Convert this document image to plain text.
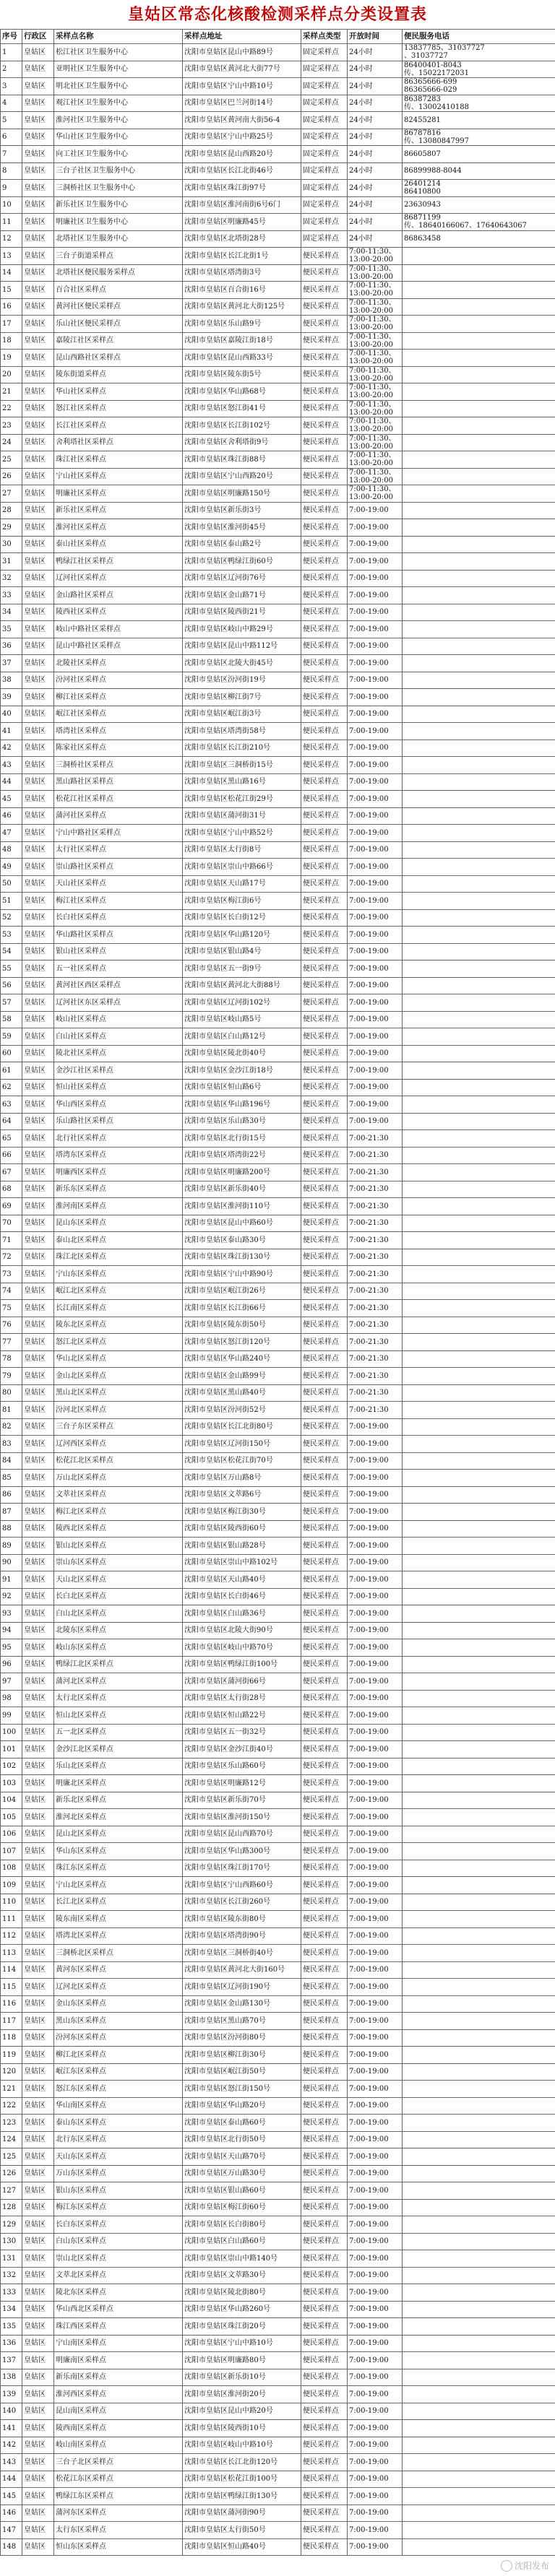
皇姑区常态化核酸检测采样点分类设置表
序号	行政区	采样点名称	采样点地址	采样点类型	开放时间	便民服务电话
1	皇姑区	松江社区卫生服务中心	沈阳市皇姑区昆山中路89号	固定采样点	24小时	13837785、31037727
、31037727
2	皇姑区	亚明社区卫生服务中心	沈阳市皇姑区黄河北大街77号	固定采样点	24小时	86400401-8043
传、15022172031
3	皇姑区	明北社区卫生服务中心	沈阳市皇姑区宁山中路10号	固定采样点	24小时	86365666-699
86365666-029
4	皇姑区	观江社区卫生服务中心	沈阳市皇姑区巴兰河街14号	固定采样点	24小时	86387283
传、13002410188
5	皇姑区	淮河社区卫生服务中心	沈阳市皇姑区黄河南大街56-4	固定采样点	24小时	82455281
6	皇姑区	华山社区卫生服务中心	沈阳市皇姑区宁山中路25号	固定采样点	24小时	86787816
传、13080847997
7	皇姑区	向工社区卫生服务中心	沈阳市皇姑区昆山西路20号	固定采样点	24小时	86605807
8	皇姑区	三台子社区卫生服务中心	沈阳市皇姑区长江北街46号	固定采样点	24小时	86899988-8044
9	皇姑区	三洞桥社区卫生服务中心	沈阳市皇姑区珠江街97号	固定采样点	24小时	26401214
86410800
10	皇姑区	新乐社区卫生服务中心	沈阳市皇姑区淮河南街6号6门	固定采样点	24小时	23630943
11	皇姑区	明廉社区卫生服务中心	沈阳市皇姑区明廉路45号	固定采样点	24小时	86871199
传、18640166067、17640643067
12	皇姑区	北塔社区卫生服务中心	沈阳市皇姑区北塔街28号	固定采样点	24小时	86863458
13	皇姑区	三台子街道采样点	沈阳市皇姑区长江北街1号	便民采样点	7:00-11:30、13:00-20:00	
14	皇姑区	北塔社区便民服务采样点	沈阳市皇姑区塔湾街3号	便民采样点	7:00-11:30、13:00-20:00	
15	皇姑区	百合社区采样点	沈阳市皇姑区百合街16号	便民采样点	7:00-11:30、13:00-20:00	
16	皇姑区	黄河社区便民采样点	沈阳市皇姑区黄河北大街125号	便民采样点	7:00-11:30、13:00-20:00	
17	皇姑区	乐山社区便民采样点	沈阳市皇姑区乐山路9号	便民采样点	7:00-11:30、13:00-20:00	
18	皇姑区	嘉陵江社区采样点	沈阳市皇姑区嘉陵江街18号	便民采样点	7:00-11:30、13:00-20:00	
19	皇姑区	昆山西路社区采样点	沈阳市皇姑区昆山西路33号	便民采样点	7:00-11:30、13:00-20:00	
20	皇姑区	陵东街道采样点	沈阳市皇姑区陵东街5号	便民采样点	7:00-11:30、13:00-20:00	
21	皇姑区	华山社区采样点	沈阳市皇姑区华山路68号	便民采样点	7:00-11:30、13:00-20:00	
22	皇姑区	怒江社区采样点	沈阳市皇姑区怒江街41号	便民采样点	7:00-11:30、13:00-20:00	
23	皇姑区	长江社区采样点	沈阳市皇姑区长江街102号	便民采样点	7:00-11:30、13:00-20:00	
24	皇姑区	舍利塔社区采样点	沈阳市皇姑区舍利塔街9号	便民采样点	7:00-11:30、13:00-20:00	
25	皇姑区	珠江社区采样点	沈阳市皇姑区珠江街88号	便民采样点	7:00-11:30、13:00-20:00	
26	皇姑区	宁山社区采样点	沈阳市皇姑区宁山西路20号	便民采样点	7:00-11:30、13:00-20:00	
27	皇姑区	明廉社区采样点	沈阳市皇姑区明廉路150号	便民采样点	7:00-11:30、13:00-20:00	
28	皇姑区	新乐社区采样点	沈阳市皇姑区新乐街3号	便民采样点	7:00-19:00	
29	皇姑区	淮河社区采样点	沈阳市皇姑区淮河街45号	便民采样点	7:00-19:00	
30	皇姑区	泰山社区采样点	沈阳市皇姑区泰山路2号	便民采样点	7:00-19:00	
31	皇姑区	鸭绿江社区采样点	沈阳市皇姑区鸭绿江街60号	便民采样点	7:00-19:00	
32	皇姑区	辽河社区采样点	沈阳市皇姑区辽河街76号	便民采样点	7:00-19:00	
33	皇姑区	金山路社区采样点	沈阳市皇姑区金山路71号	便民采样点	7:00-19:00	
34	皇姑区	陵西社区采样点	沈阳市皇姑区陵西街21号	便民采样点	7:00-19:00	
35	皇姑区	岐山中路社区采样点	沈阳市皇姑区岐山中路29号	便民采样点	7:00-19:00	
36	皇姑区	昆山中路社区采样点	沈阳市皇姑区昆山中路112号	便民采样点	7:00-19:00	
37	皇姑区	北陵社区采样点	沈阳市皇姑区北陵大街45号	便民采样点	7:00-19:00	
38	皇姑区	汾河社区采样点	沈阳市皇姑区汾河街19号	便民采样点	7:00-19:00	
39	皇姑区	柳江社区采样点	沈阳市皇姑区柳江街7号	便民采样点	7:00-19:00	
40	皇姑区	岷江社区采样点	沈阳市皇姑区岷江街3号	便民采样点	7:00-19:00	
41	皇姑区	塔湾社区采样点	沈阳市皇姑区塔湾街58号	便民采样点	7:00-19:00	
42	皇姑区	陈家社区采样点	沈阳市皇姑区长江街210号	便民采样点	7:00-19:00	
43	皇姑区	三洞桥社区采样点	沈阳市皇姑区三洞桥街15号	便民采样点	7:00-19:00	
44	皇姑区	黑山路社区采样点	沈阳市皇姑区黑山路16号	便民采样点	7:00-19:00	
45	皇姑区	松花江社区采样点	沈阳市皇姑区松花江街29号	便民采样点	7:00-19:00	
46	皇姑区	蒲河社区采样点	沈阳市皇姑区蒲河街31号	便民采样点	7:00-19:00	
47	皇姑区	宁山中路社区采样点	沈阳市皇姑区宁山中路52号	便民采样点	7:00-19:00	
48	皇姑区	太行社区采样点	沈阳市皇姑区太行街8号	便民采样点	7:00-19:00	
49	皇姑区	崇山路社区采样点	沈阳市皇姑区崇山中路66号	便民采样点	7:00-19:00	
50	皇姑区	天山社区采样点	沈阳市皇姑区天山路17号	便民采样点	7:00-19:00	
51	皇姑区	梅江社区采样点	沈阳市皇姑区梅江街6号	便民采样点	7:00-19:00	
52	皇姑区	长白社区采样点	沈阳市皇姑区长白街12号	便民采样点	7:00-19:00	
53	皇姑区	华山路社区采样点	沈阳市皇姑区华山路120号	便民采样点	7:00-19:00	
54	皇姑区	银山社区采样点	沈阳市皇姑区银山路4号	便民采样点	7:00-19:00	
55	皇姑区	五一社区采样点	沈阳市皇姑区五一街9号	便民采样点	7:00-19:00	
56	皇姑区	黄河社区西区采样点	沈阳市皇姑区黄河北大街88号	便民采样点	7:00-19:00	
57	皇姑区	辽河社区东区采样点	沈阳市皇姑区辽河街102号	便民采样点	7:00-19:00	
58	皇姑区	岐山社区采样点	沈阳市皇姑区岐山路5号	便民采样点	7:00-19:00	
59	皇姑区	白山社区采样点	沈阳市皇姑区白山路12号	便民采样点	7:00-19:00	
60	皇姑区	陵北社区采样点	沈阳市皇姑区陵北街40号	便民采样点	7:00-19:00	
61	皇姑区	金沙江社区采样点	沈阳市皇姑区金沙江街18号	便民采样点	7:00-19:00	
62	皇姑区	恒山社区采样点	沈阳市皇姑区恒山路6号	便民采样点	7:00-19:00	
63	皇姑区	华山西区采样点	沈阳市皇姑区华山路196号	便民采样点	7:00-19:00	
64	皇姑区	乐山路社区采样点	沈阳市皇姑区乐山路30号	便民采样点	7:00-19:00	
65	皇姑区	北行社区采样点	沈阳市皇姑区北行街15号	便民采样点	7:00-21:30	
66	皇姑区	塔湾东区采样点	沈阳市皇姑区塔湾街22号	便民采样点	7:00-21:30	
67	皇姑区	明廉西区采样点	沈阳市皇姑区明廉路200号	便民采样点	7:00-21:30	
68	皇姑区	新乐东区采样点	沈阳市皇姑区新乐街40号	便民采样点	7:00-21:30	
69	皇姑区	淮河南区采样点	沈阳市皇姑区淮河街110号	便民采样点	7:00-21:30	
70	皇姑区	昆山东区采样点	沈阳市皇姑区昆山中路60号	便民采样点	7:00-21:30	
71	皇姑区	泰山北区采样点	沈阳市皇姑区泰山路30号	便民采样点	7:00-21:30	
72	皇姑区	珠江北区采样点	沈阳市皇姑区珠江街130号	便民采样点	7:00-21:30	
73	皇姑区	宁山东区采样点	沈阳市皇姑区宁山中路90号	便民采样点	7:00-21:30	
74	皇姑区	岷江北区采样点	沈阳市皇姑区岷江街26号	便民采样点	7:00-21:30	
75	皇姑区	长江南区采样点	沈阳市皇姑区长江街66号	便民采样点	7:00-21:30	
76	皇姑区	陵东北区采样点	沈阳市皇姑区陵东街50号	便民采样点	7:00-21:30	
77	皇姑区	怒江北区采样点	沈阳市皇姑区怒江街120号	便民采样点	7:00-21:30	
78	皇姑区	华山北区采样点	沈阳市皇姑区华山路240号	便民采样点	7:00-21:30	
79	皇姑区	金山北区采样点	沈阳市皇姑区金山路99号	便民采样点	7:00-21:30	
80	皇姑区	黑山北区采样点	沈阳市皇姑区黑山路40号	便民采样点	7:00-21:30	
81	皇姑区	汾河北区采样点	沈阳市皇姑区汾河街52号	便民采样点	7:00-21:30	
82	皇姑区	三台子东区采样点	沈阳市皇姑区长江北街80号	便民采样点	7:00-19:00	
83	皇姑区	辽河西区采样点	沈阳市皇姑区辽河街150号	便民采样点	7:00-19:00	
84	皇姑区	松花江北区采样点	沈阳市皇姑区松花江街70号	便民采样点	7:00-19:00	
85	皇姑区	万山北区采样点	沈阳市皇姑区万山路8号	便民采样点	7:00-19:00	
86	皇姑区	文萃社区采样点	沈阳市皇姑区文萃路6号	便民采样点	7:00-19:00	
87	皇姑区	梅江北区采样点	沈阳市皇姑区梅江街30号	便民采样点	7:00-19:00	
88	皇姑区	陵西北区采样点	沈阳市皇姑区陵西街60号	便民采样点	7:00-19:00	
89	皇姑区	银山北区采样点	沈阳市皇姑区银山路28号	便民采样点	7:00-19:00	
90	皇姑区	崇山东区采样点	沈阳市皇姑区崇山中路102号	便民采样点	7:00-19:00	
91	皇姑区	天山北区采样点	沈阳市皇姑区天山路40号	便民采样点	7:00-19:00	
92	皇姑区	长白北区采样点	沈阳市皇姑区长白街46号	便民采样点	7:00-19:00	
93	皇姑区	白山北区采样点	沈阳市皇姑区白山路36号	便民采样点	7:00-19:00	
94	皇姑区	北陵东区采样点	沈阳市皇姑区北陵大街90号	便民采样点	7:00-19:00	
95	皇姑区	岐山东区采样点	沈阳市皇姑区岐山中路70号	便民采样点	7:00-19:00	
96	皇姑区	鸭绿江北区采样点	沈阳市皇姑区鸭绿江街100号	便民采样点	7:00-19:00	
97	皇姑区	蒲河北区采样点	沈阳市皇姑区蒲河街66号	便民采样点	7:00-19:00	
98	皇姑区	太行北区采样点	沈阳市皇姑区太行街28号	便民采样点	7:00-19:00	
99	皇姑区	恒山北区采样点	沈阳市皇姑区恒山路22号	便民采样点	7:00-19:00	
100	皇姑区	五一北区采样点	沈阳市皇姑区五一街32号	便民采样点	7:00-19:00	
101	皇姑区	金沙江北区采样点	沈阳市皇姑区金沙江街40号	便民采样点	7:00-19:00	
102	皇姑区	乐山北区采样点	沈阳市皇姑区乐山路60号	便民采样点	7:00-19:00	
103	皇姑区	明廉北区采样点	沈阳市皇姑区明廉路12号	便民采样点	7:00-19:00	
104	皇姑区	新乐北区采样点	沈阳市皇姑区新乐街70号	便民采样点	7:00-19:00	
105	皇姑区	淮河北区采样点	沈阳市皇姑区淮河街150号	便民采样点	7:00-19:00	
106	皇姑区	昆山北区采样点	沈阳市皇姑区昆山西路70号	便民采样点	7:00-19:00	
107	皇姑区	华山东区采样点	沈阳市皇姑区华山路300号	便民采样点	7:00-19:00	
108	皇姑区	珠江东区采样点	沈阳市皇姑区珠江街170号	便民采样点	7:00-19:00	
109	皇姑区	宁山北区采样点	沈阳市皇姑区宁山西路60号	便民采样点	7:00-19:00	
110	皇姑区	长江北区采样点	沈阳市皇姑区长江街260号	便民采样点	7:00-19:00	
111	皇姑区	陵东南区采样点	沈阳市皇姑区陵东街80号	便民采样点	7:00-19:00	
112	皇姑区	塔湾北区采样点	沈阳市皇姑区塔湾街90号	便民采样点	7:00-19:00	
113	皇姑区	三洞桥北区采样点	沈阳市皇姑区三洞桥街40号	便民采样点	7:00-19:00	
114	皇姑区	黄河东区采样点	沈阳市皇姑区黄河北大街160号	便民采样点	7:00-19:00	
115	皇姑区	辽河北区采样点	沈阳市皇姑区辽河街190号	便民采样点	7:00-19:00	
116	皇姑区	金山东区采样点	沈阳市皇姑区金山路130号	便民采样点	7:00-19:00	
117	皇姑区	黑山东区采样点	沈阳市皇姑区黑山路70号	便民采样点	7:00-19:00	
118	皇姑区	汾河东区采样点	沈阳市皇姑区汾河街80号	便民采样点	7:00-19:00	
119	皇姑区	柳江北区采样点	沈阳市皇姑区柳江街30号	便民采样点	7:00-19:00	
120	皇姑区	岷江东区采样点	沈阳市皇姑区岷江街50号	便民采样点	7:00-19:00	
121	皇姑区	怒江东区采样点	沈阳市皇姑区怒江街150号	便民采样点	7:00-19:00	
122	皇姑区	华山南区采样点	沈阳市皇姑区华山路20号	便民采样点	7:00-19:00	
123	皇姑区	泰山东区采样点	沈阳市皇姑区泰山路60号	便民采样点	7:00-19:00	
124	皇姑区	北行东区采样点	沈阳市皇姑区北行街50号	便民采样点	7:00-19:00	
125	皇姑区	天山东区采样点	沈阳市皇姑区天山路70号	便民采样点	7:00-19:00	
126	皇姑区	万山东区采样点	沈阳市皇姑区万山路30号	便民采样点	7:00-19:00	
127	皇姑区	银山东区采样点	沈阳市皇姑区银山路60号	便民采样点	7:00-19:00	
128	皇姑区	梅江东区采样点	沈阳市皇姑区梅江街60号	便民采样点	7:00-19:00	
129	皇姑区	长白东区采样点	沈阳市皇姑区长白街80号	便民采样点	7:00-19:00	
130	皇姑区	白山东区采样点	沈阳市皇姑区白山路60号	便民采样点	7:00-19:00	
131	皇姑区	崇山北区采样点	沈阳市皇姑区崇山中路140号	便民采样点	7:00-19:00	
132	皇姑区	文萃北区采样点	沈阳市皇姑区文萃路30号	便民采样点	7:00-19:00	
133	皇姑区	陵北东区采样点	沈阳市皇姑区陵北街80号	便民采样点	7:00-19:00	
134	皇姑区	华山西北区采样点	沈阳市皇姑区华山路260号	便民采样点	7:00-19:00	
135	皇姑区	珠江西区采样点	沈阳市皇姑区珠江街20号	便民采样点	7:00-19:00	
136	皇姑区	宁山南区采样点	沈阳市皇姑区宁山中路10号	便民采样点	7:00-19:00	
137	皇姑区	明廉南区采样点	沈阳市皇姑区明廉路80号	便民采样点	7:00-19:00	
138	皇姑区	新乐南区采样点	沈阳市皇姑区新乐街10号	便民采样点	7:00-19:00	
139	皇姑区	淮河西区采样点	沈阳市皇姑区淮河街20号	便民采样点	7:00-19:00	
140	皇姑区	昆山南区采样点	沈阳市皇姑区昆山中路20号	便民采样点	7:00-19:00	
141	皇姑区	陵西南区采样点	沈阳市皇姑区陵西街10号	便民采样点	7:00-19:00	
142	皇姑区	岐山南区采样点	沈阳市皇姑区岐山中路10号	便民采样点	7:00-19:00	
143	皇姑区	三台子北区采样点	沈阳市皇姑区长江北街120号	便民采样点	7:00-19:00	
144	皇姑区	松花江东区采样点	沈阳市皇姑区松花江街100号	便民采样点	7:00-19:00	
145	皇姑区	鸭绿江东区采样点	沈阳市皇姑区鸭绿江街130号	便民采样点	7:00-19:00	
146	皇姑区	蒲河东区采样点	沈阳市皇姑区蒲河街90号	便民采样点	7:00-19:00	
147	皇姑区	太行东区采样点	沈阳市皇姑区太行街50号	便民采样点	7:00-19:00	
148	皇姑区	恒山东区采样点	沈阳市皇姑区恒山路40号	便民采样点	7:00-19:00	
沈阳发布
